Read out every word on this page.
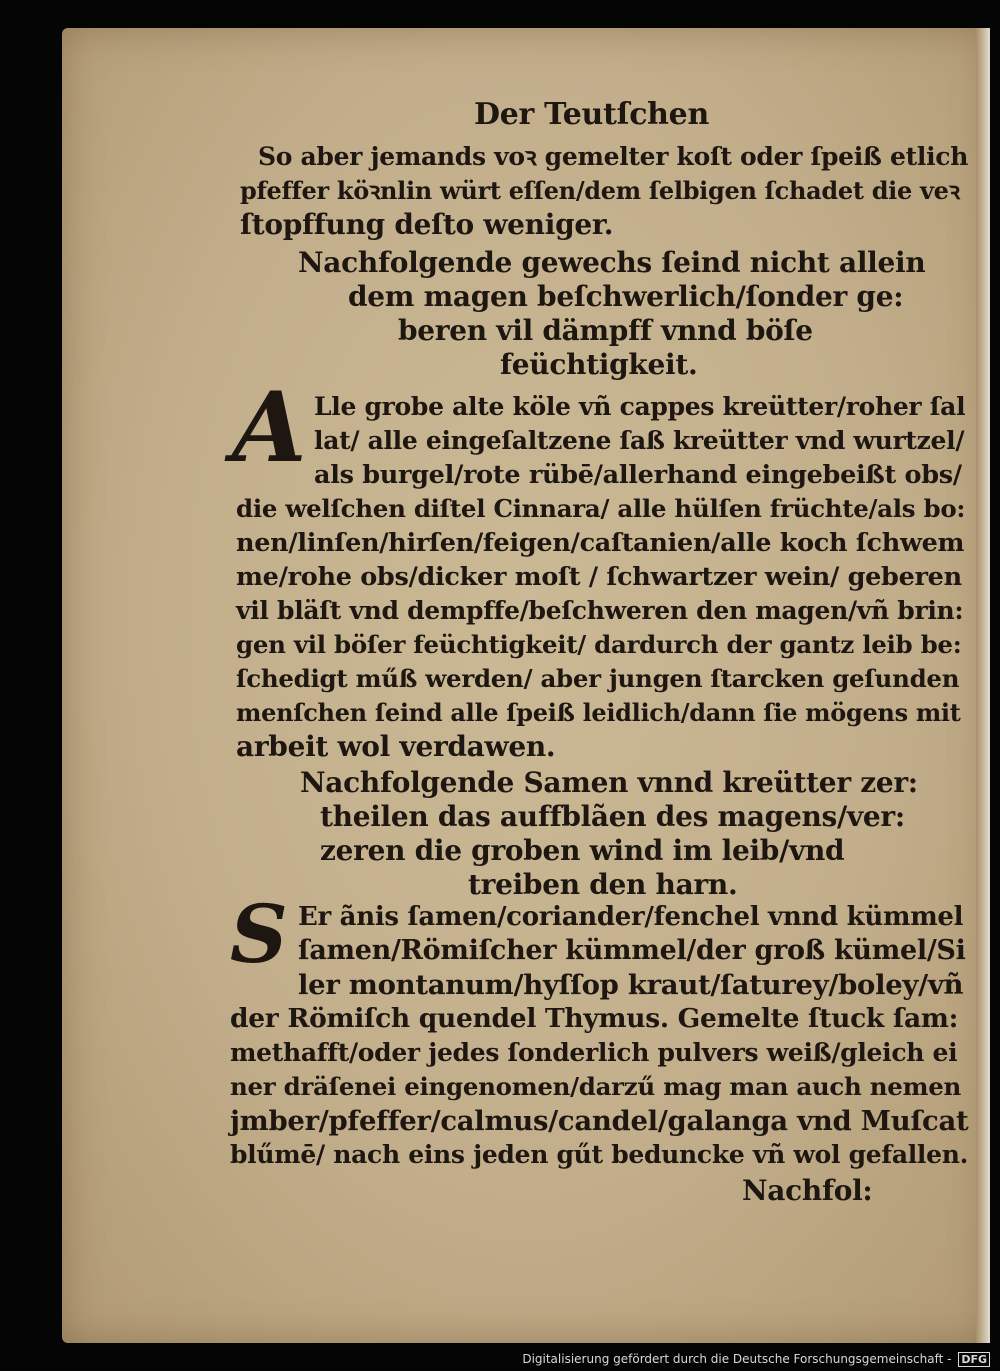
Der Teutſchen
So aber jemands voꝛ gemelter koſt oder ſpeiß etlich
pfeffer köꝛnlin würt eſſen/dem ſelbigen ſchadet die veꝛ
ſtopffung deſto weniger.
Nachfolgende gewechs ſeind nicht allein
dem magen beſchwerlich/ſonder ge:
beren vil dämpff vnnd böſe
feüchtigkeit.
A Lle grobe alte köle vñ cappes kreütter/roher ſal
lat/ alle eingeſaltzene ſaß kreütter vnd wurtzel/
als burgel/rote rübē/allerhand eingebeißt obs/
die welſchen diſtel Cinnara/ alle hülſen früchte/als bo:
nen/linſen/hirſen/feigen/caſtanien/alle koch ſchwem
me/rohe obs/dicker moſt / ſchwartzer wein/ geberen
vil bläſt vnd dempffe/beſchweren den magen/vñ brin:
gen vil böſer feüchtigkeit/ dardurch der gantz leib be:
ſchedigt műß werden/ aber jungen ſtarcken geſunden
menſchen ſeind alle ſpeiß leidlich/dann ſie mögens mit
arbeit wol verdawen.
Nachfolgende Samen vnnd kreütter zer:
theilen das auffblãen des magens/ver:
zeren die groben wind im leib/vnd
treiben den harn.
S Er ãnis ſamen/coriander/fenchel vnnd kümmel
ſamen/Römiſcher kümmel/der groß kümel/Si
ler montanum/hyſſop kraut/ſaturey/boley/vñ
der Römiſch quendel Thymus. Gemelte ſtuck ſam:
methafft/oder jedes ſonderlich pulvers weiß/gleich ei
ner dräſenei eingenomen/darzű mag man auch nemen
jmber/pfeffer/calmus/candel/galanga vnd Muſcat
blűmē/ nach eins jeden gűt beduncke vñ wol gefallen.
Nachfol:
Digitalisierung gefördert durch die Deutsche Forschungsgemeinschaft - DFG
